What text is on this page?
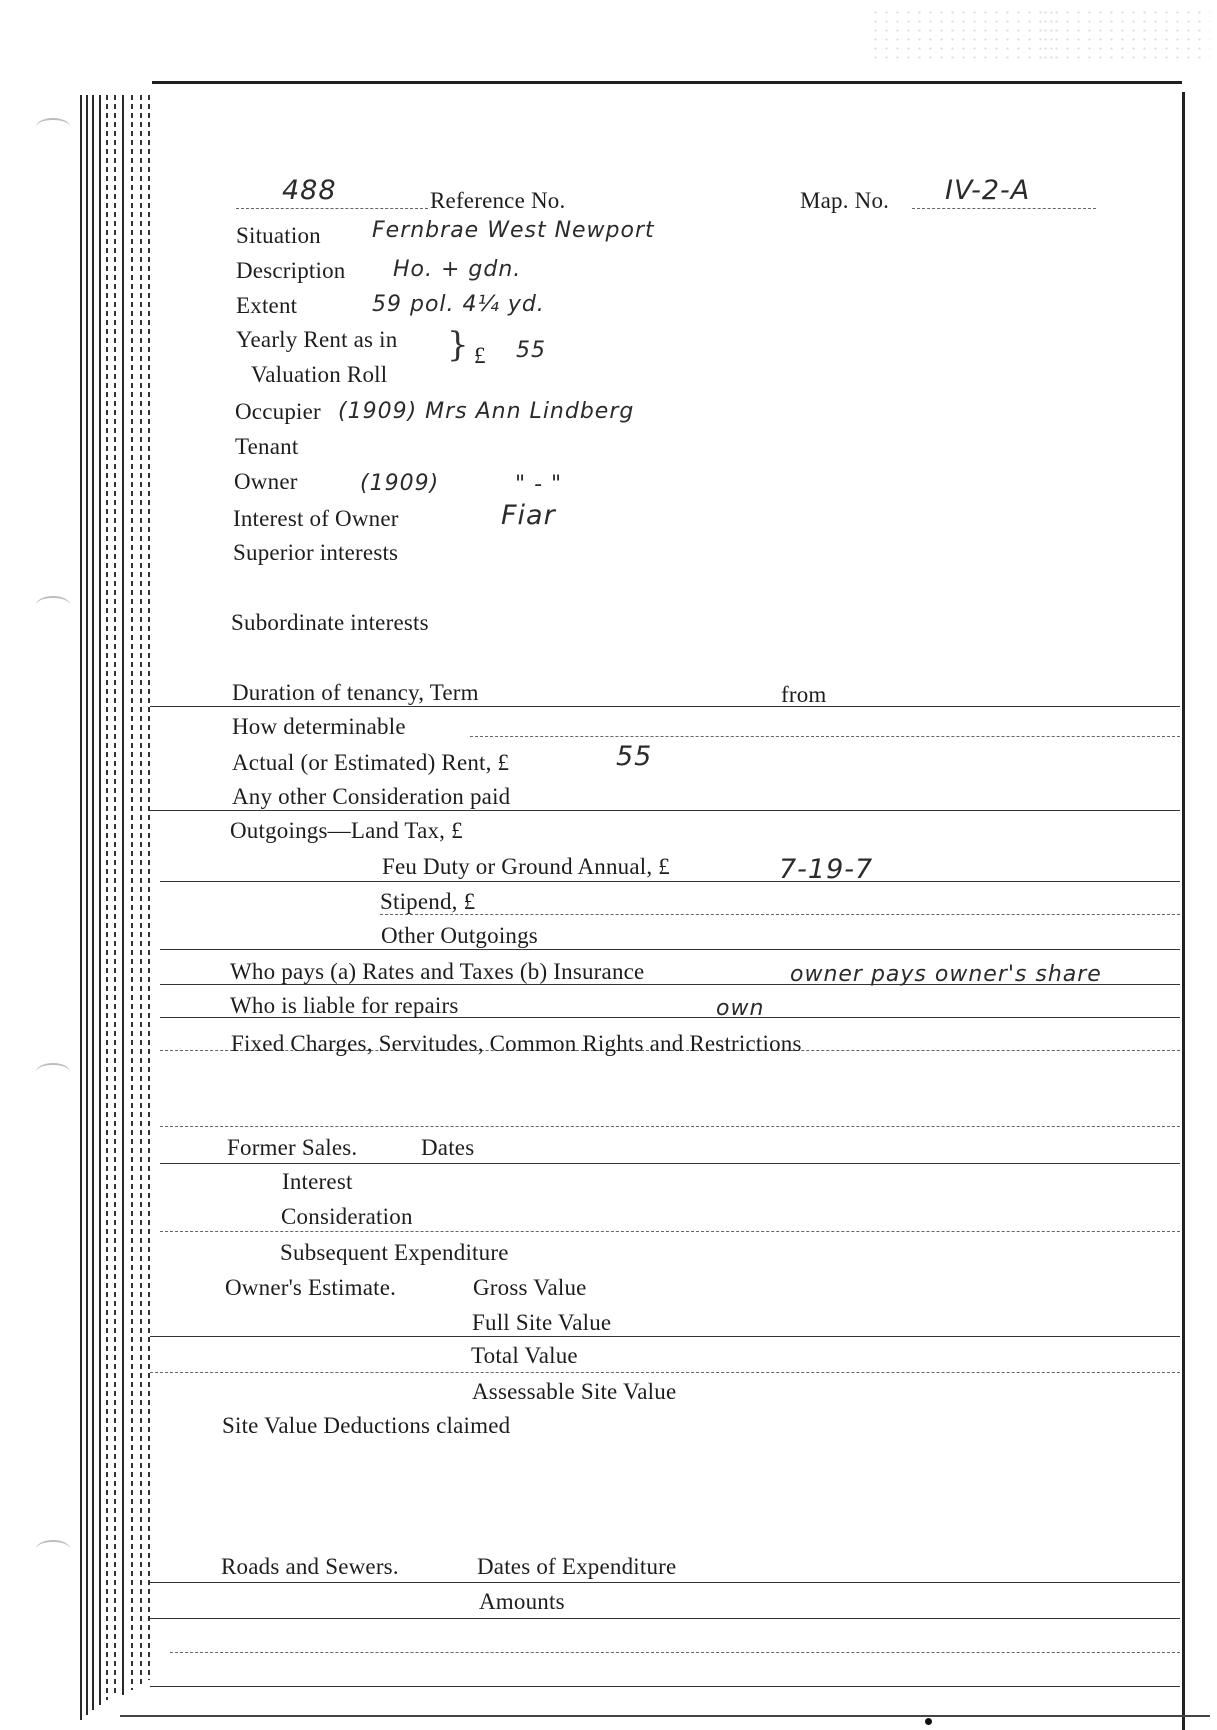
488	Reference No.	Map. No. IV-2-A
Situation Fernbrae West Newport
Description Ho. + gdn.
Extent	59 pol. 4¼ yd.
Yearly Rent as in
Valuation Roll
} £ 55
Occupier (1909) Mrs Ann Lindberg
Tenant
Owner	(1909)	" - "
Interest of Owner	Fiar
Superior interests
Subordinate interests
Duration of tenancy, Term	from
How determinable
Actual (or Estimated) Rent, £	55
Any other Consideration paid
Outgoings—Land Tax, £
Feu Duty or Ground Annual, £	7-19-7
Stipend, £
Other Outgoings
Who pays (a) Rates and Taxes (b) Insurance	owner pays owner's share
Who is liable for repairs	own
Fixed Charges, Servitudes, Common Rights and Restrictions
Former Sales.	Dates
Interest
Consideration
Subsequent Expenditure
Owner's Estimate.	Gross Value
Full Site Value
Total Value
Assessable Site Value
Site Value Deductions claimed
Roads and Sewers.	Dates of Expenditure
Amounts
